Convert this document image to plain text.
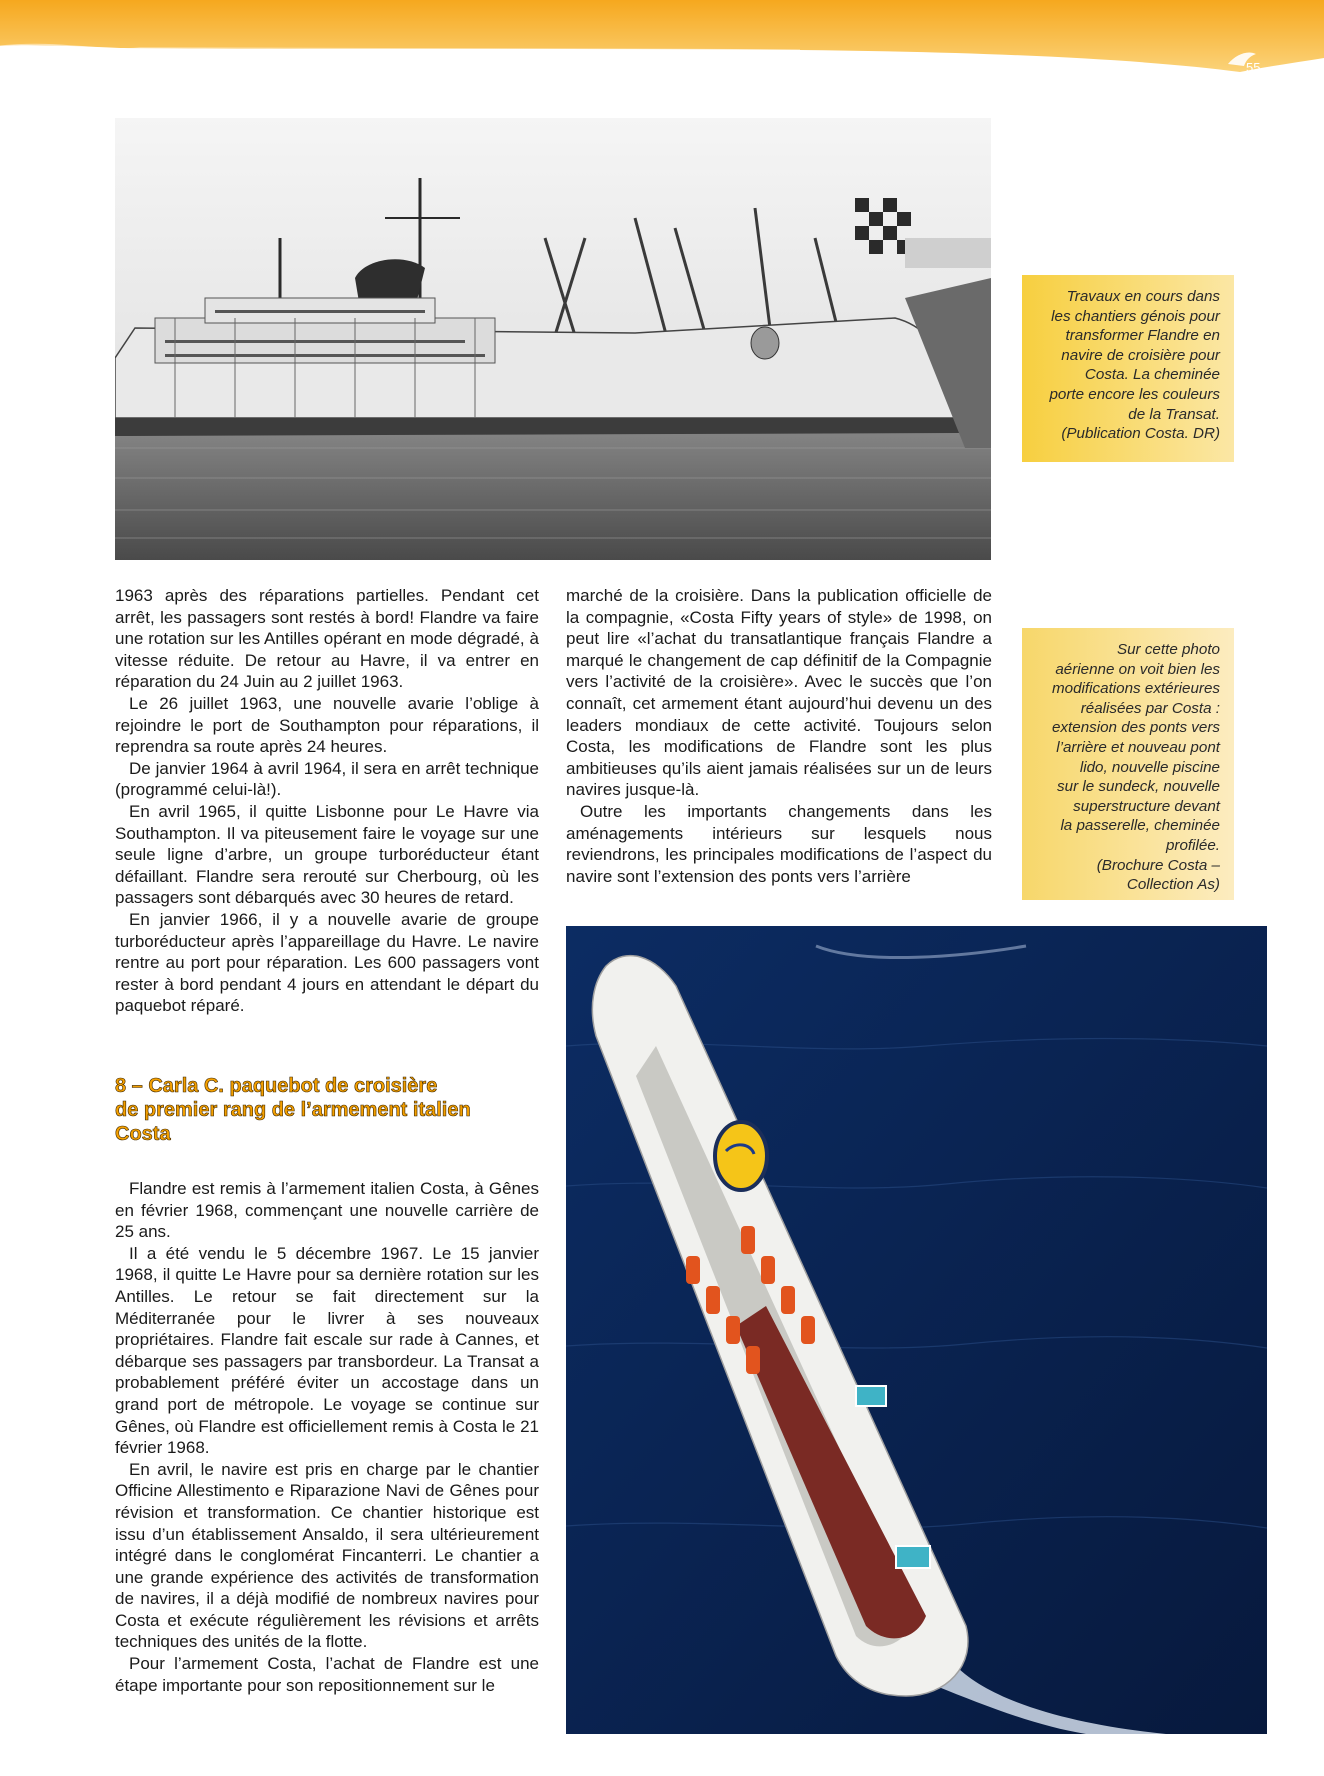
55
Travaux en cours dans
les chantiers génois pour
transformer Flandre en
navire de croisière pour
Costa. La cheminée
porte encore les couleurs
de la Transat.
(Publication Costa. DR)
Sur cette photo
aérienne on voit bien les
modifications extérieures
réalisées par Costa :
extension des ponts vers
l’arrière et nouveau pont
lido, nouvelle piscine
sur le sundeck, nouvelle
superstructure devant
la passerelle, cheminée
profilée.
(Brochure Costa –
Collection As)

1963 après des réparations partielles. Pendant cet arrêt, les passagers sont restés à bord! Flandre va faire une rotation sur les Antilles opérant en mode dégradé, à vitesse réduite. De retour au Havre, il va entrer en réparation du 24 Juin au 2 juillet 1963.

Le 26 juillet 1963, une nouvelle avarie l’oblige à rejoindre le port de Southampton pour réparations, il reprendra sa route après 24 heures.

De janvier 1964 à avril 1964, il sera en arrêt technique (programmé celui-là!).

En avril 1965, il quitte Lisbonne pour Le Havre via Southampton. Il va piteusement faire le voyage sur une seule ligne d’arbre, un groupe turboréducteur étant défaillant. Flandre sera rerouté sur Cherbourg, où les passagers sont débarqués avec 30 heures de retard.

En janvier 1966, il y a nouvelle avarie de groupe turboréducteur après l’appareillage du Havre. Le navire rentre au port pour réparation. Les 600 passagers vont rester à bord pendant 4 jours en attendant le départ du paquebot réparé.

marché de la croisière. Dans la publication officielle de la compagnie, «Costa Fifty years of style» de 1998, on peut lire «l’achat du transatlantique français Flandre a marqué le changement de cap définitif de la Compagnie vers l’activité de la croisière». Avec le succès que l’on connaît, cet armement étant aujourd’hui devenu un des leaders mondiaux de cette activité. Toujours selon Costa, les modifications de Flandre sont les plus ambitieuses qu’ils aient jamais réalisées sur un de leurs navires jusque-là.

Outre les importants changements dans les aménagements intérieurs sur lesquels nous reviendrons, les principales modifications de l’aspect du navire sont l’extension des ponts vers l’arrière

8 – Carla C. paquebot de croisière
de premier rang de l’armement italien
Costa

Flandre est remis à l’armement italien Costa, à Gênes en février 1968, commençant une nouvelle carrière de 25 ans.

Il a été vendu le 5 décembre 1967. Le 15 janvier 1968, il quitte Le Havre pour sa dernière rotation sur les Antilles. Le retour se fait directement sur la Méditerranée pour le livrer à ses nouveaux propriétaires. Flandre fait escale sur rade à Cannes, et débarque ses passagers par transbordeur. La Transat a probablement préféré éviter un accostage dans un grand port de métropole. Le voyage se continue sur Gênes, où Flandre est officiellement remis à Costa le 21 février 1968.

En avril, le navire est pris en charge par le chantier Officine Allestimento e Riparazione Navi de Gênes pour révision et transformation. Ce chantier historique est issu d’un établissement Ansaldo, il sera ultérieurement intégré dans le conglomérat Fincanterri. Le chantier a une grande expérience des activités de transformation de navires, il a déjà modifié de nombreux navires pour Costa et exécute régulièrement les révisions et arrêts techniques des unités de la flotte.

Pour l’armement Costa, l’achat de Flandre est une étape importante pour son repositionnement sur le
